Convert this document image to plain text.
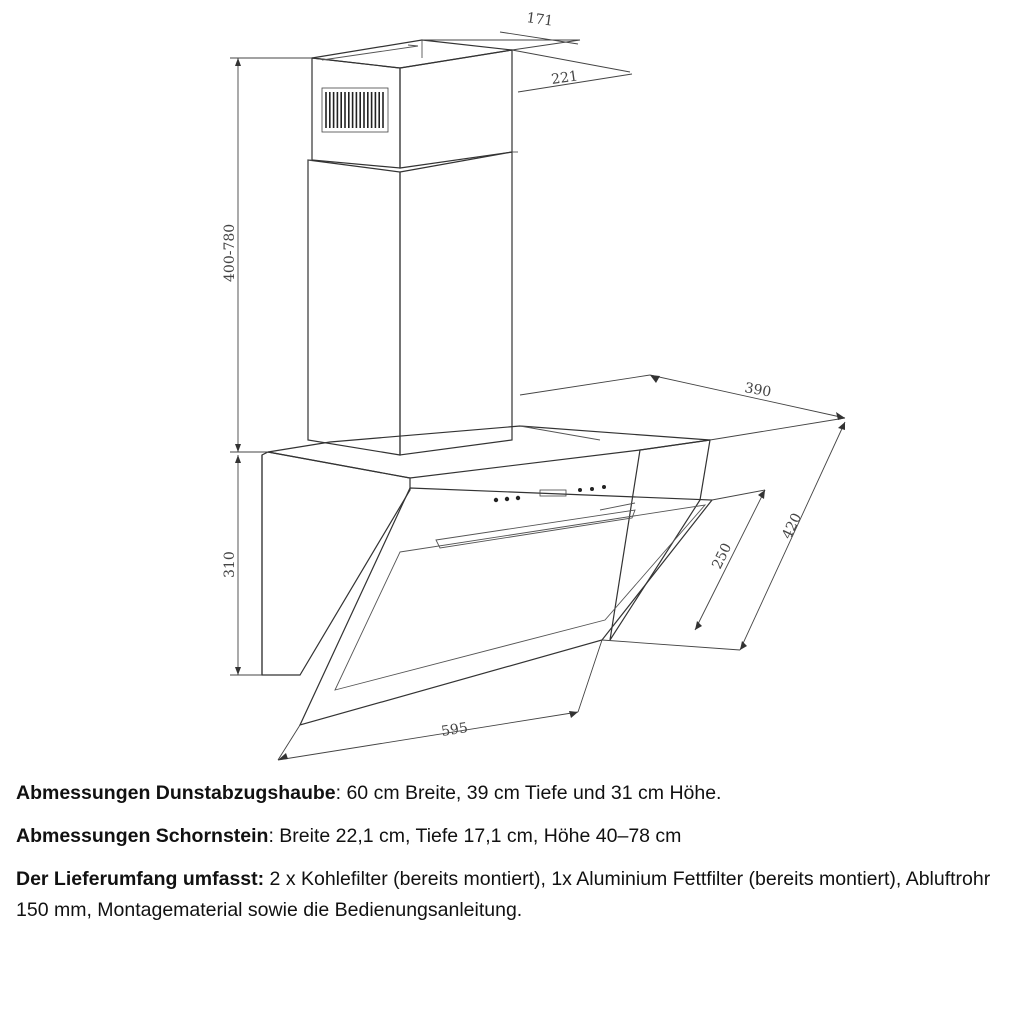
171
221
400-780
390
310
420
250
595

Abmessungen Dunstabzugshaube: 60 cm Breite, 39 cm Tiefe und 31 cm Höhe.

Abmessungen Schornstein: Breite 22,1 cm, Tiefe 17,1 cm, Höhe 40–78 cm

Der Lieferumfang umfasst: 2 x Kohlefilter (bereits montiert), 1x Aluminium Fettfilter (bereits montiert), Abluftrohr 150 mm, Montagematerial sowie die Bedienungsanleitung.
